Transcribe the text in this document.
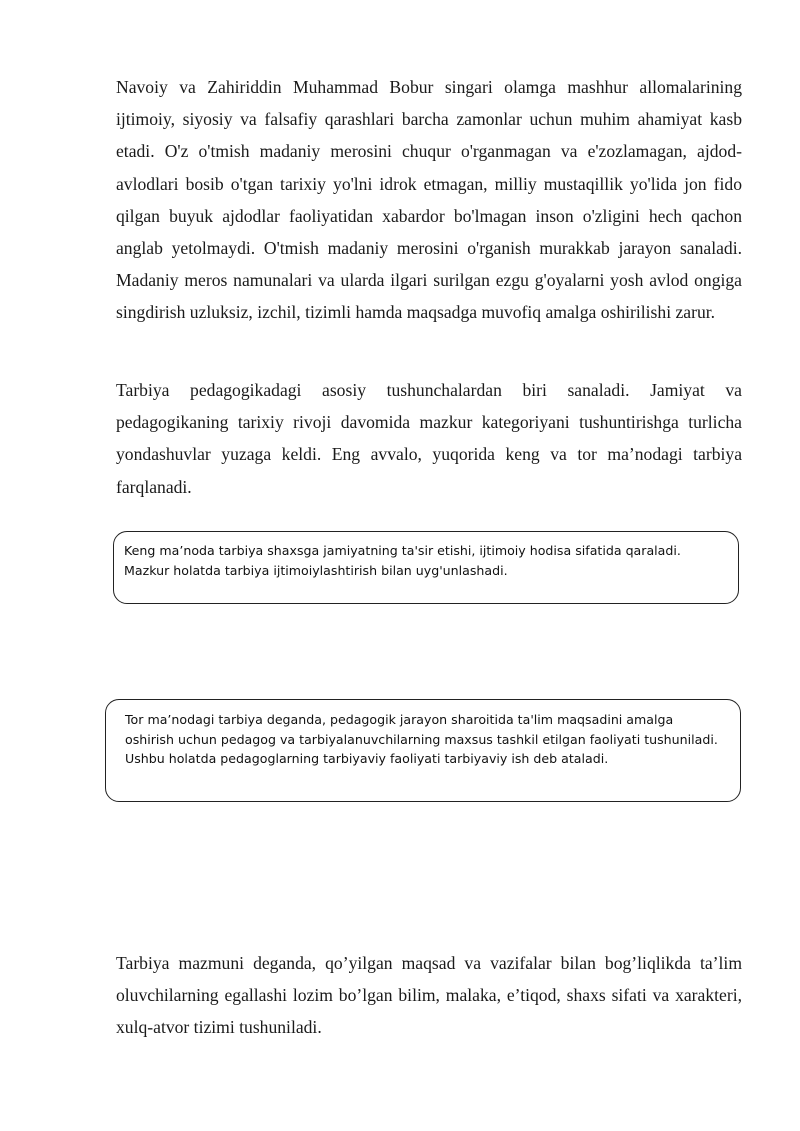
Navoiy va Zahiriddin Muhammad Bobur singari olamga mashhur allomalarining ijtimoiy, siyosiy va falsafiy qarashlari barcha zamonlar uchun muhim ahamiyat kasb etadi. O'z o'tmish madaniy merosini chuqur o'rganmagan va e'zozlamagan, ajdod-avlodlari bosib o'tgan tarixiy yo'lni idrok etmagan, milliy mustaqillik yo'lida jon fido qilgan buyuk ajdodlar faoliyatidan xabardor bo'lmagan inson o'zligini hech qachon anglab yetolmaydi. O'tmish madaniy merosini o'rganish murakkab jarayon sanaladi. Madaniy meros namunalari va ularda ilgari surilgan ezgu g'oyalarni yosh avlod ongiga singdirish uzluksiz, izchil, tizimli hamda maqsadga muvofiq amalga oshirilishi zarur.

Tarbiya pedagogikadagi asosiy tushunchalardan biri sanaladi. Jamiyat va pedagogikaning tarixiy rivoji davomida mazkur kategoriyani tushuntirishga turlicha yondashuvlar yuzaga keldi. Eng avvalo, yuqorida keng va tor ma’nodagi tarbiya farqlanadi.

Keng ma’noda tarbiya shaxsga jamiyatning ta'sir etishi, ijtimoiy hodisa sifatida qaraladi. Mazkur holatda tarbiya ijtimoiylashtirish bilan uyg'unlashadi.
Tor ma’nodagi tarbiya deganda, pedagogik jarayon sharoitida ta'lim maqsadini amalga oshirish uchun pedagog va tarbiyalanuvchilarning maxsus tashkil etilgan faoliyati tushuniladi. Ushbu holatda pedagoglarning tarbiyaviy faoliyati tarbiyaviy ish deb ataladi.

Tarbiya mazmuni deganda, qo’yilgan maqsad va vazifalar bilan bog’liqlikda ta’lim oluvchilarning egallashi lozim bo’lgan bilim, malaka, e’tiqod, shaxs sifati va xarakteri, xulq-atvor tizimi tushuniladi.
